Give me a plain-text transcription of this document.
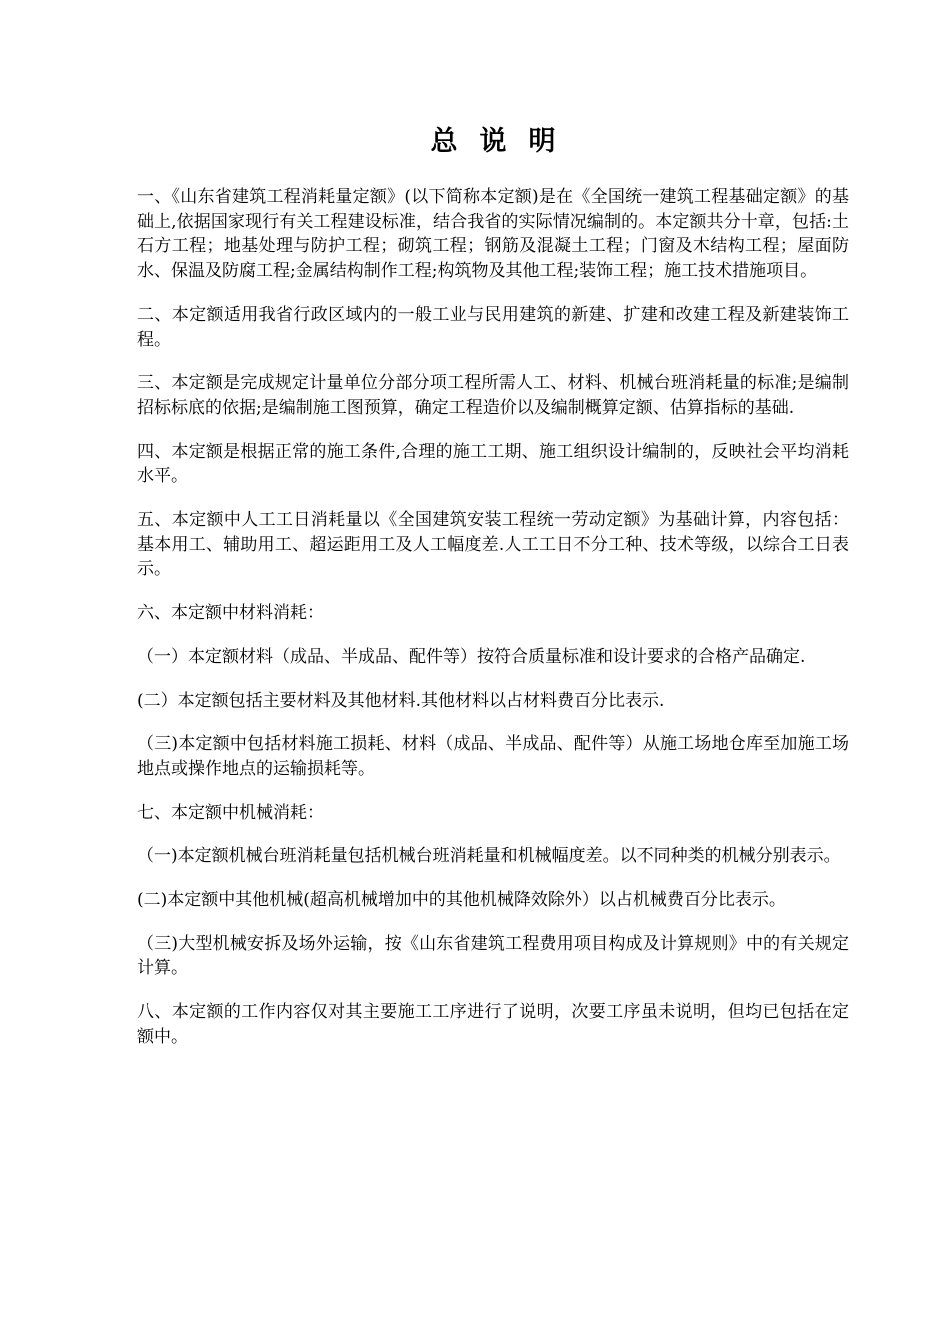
总说明

一、《山东省建筑工程消耗量定额》(以下简称本定额)是在《全国统一建筑工程基础定额》的基础上,依据国家现行有关工程建设标准，结合我省的实际情况编制的。本定额共分十章，包括:土石方工程；地基处理与防护工程；砌筑工程；钢筋及混凝土工程；门窗及木结构工程；屋面防水、保温及防腐工程;金属结构制作工程;构筑物及其他工程;装饰工程；施工技术措施项目。

二、本定额适用我省行政区域内的一般工业与民用建筑的新建、扩建和改建工程及新建装饰工程。

三、本定额是完成规定计量单位分部分项工程所需人工、材料、机械台班消耗量的标准;是编制招标标底的依据;是编制施工图预算，确定工程造价以及编制概算定额、估算指标的基础.

四、本定额是根据正常的施工条件,合理的施工工期、施工组织设计编制的，反映社会平均消耗水平。

五、本定额中人工工日消耗量以《全国建筑安装工程统一劳动定额》为基础计算，内容包括：基本用工、辅助用工、超运距用工及人工幅度差.人工工日不分工种、技术等级，以综合工日表示。

六、本定额中材料消耗：

（一）本定额材料（成品、半成品、配件等）按符合质量标准和设计要求的合格产品确定.

(二）本定额包括主要材料及其他材料.其他材料以占材料费百分比表示.

（三)本定额中包括材料施工损耗、材料（成品、半成品、配件等）从施工场地仓库至加施工场地点或操作地点的运输损耗等。

七、本定额中机械消耗：

（一)本定额机械台班消耗量包括机械台班消耗量和机械幅度差。以不同种类的机械分别表示。

(二)本定额中其他机械(超高机械增加中的其他机械降效除外）以占机械费百分比表示。

（三)大型机械安拆及场外运输，按《山东省建筑工程费用项目构成及计算规则》中的有关规定计算。

八、本定额的工作内容仅对其主要施工工序进行了说明，次要工序虽未说明，但均已包括在定额中。
